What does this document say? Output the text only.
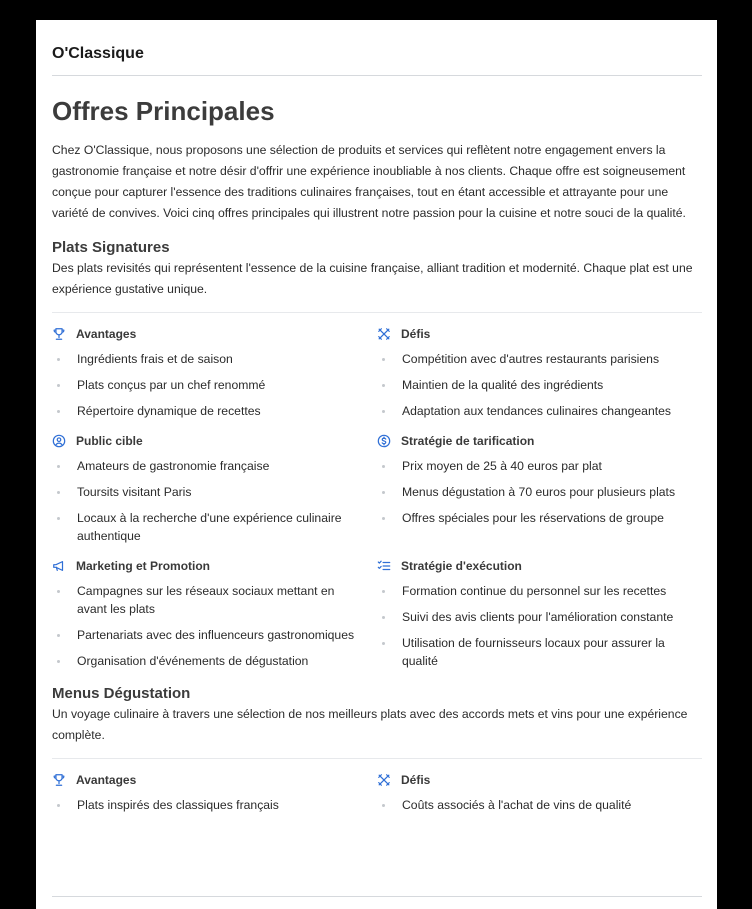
O'Classique
Offres Principales
Chez O'Classique, nous proposons une sélection de produits et services qui reflètent notre engagement envers la gastronomie française et notre désir d'offrir une expérience inoubliable à nos clients. Chaque offre est soigneusement conçue pour capturer l'essence des traditions culinaires françaises, tout en étant accessible et attrayante pour une variété de convives. Voici cinq offres principales qui illustrent notre passion pour la cuisine et notre souci de la qualité.
Plats Signatures
Des plats revisités qui représentent l'essence de la cuisine française, alliant tradition et modernité. Chaque plat est une expérience gustative unique.
Avantages
Ingrédients frais et de saison
Plats conçus par un chef renommé
Répertoire dynamique de recettes
Défis
Compétition avec d'autres restaurants parisiens
Maintien de la qualité des ingrédients
Adaptation aux tendances culinaires changeantes
Public cible
Amateurs de gastronomie française
Toursits visitant Paris
Locaux à la recherche d'une expérience culinaire authentique
Stratégie de tarification
Prix moyen de 25 à 40 euros par plat
Menus dégustation à 70 euros pour plusieurs plats
Offres spéciales pour les réservations de groupe
Marketing et Promotion
Campagnes sur les réseaux sociaux mettant en avant les plats
Partenariats avec des influenceurs gastronomiques
Organisation d'événements de dégustation
Stratégie d'exécution
Formation continue du personnel sur les recettes
Suivi des avis clients pour l'amélioration constante
Utilisation de fournisseurs locaux pour assurer la qualité
Menus Dégustation
Un voyage culinaire à travers une sélection de nos meilleurs plats avec des accords mets et vins pour une expérience complète.
Avantages
Plats inspirés des classiques français
Défis
Coûts associés à l'achat de vins de qualité
